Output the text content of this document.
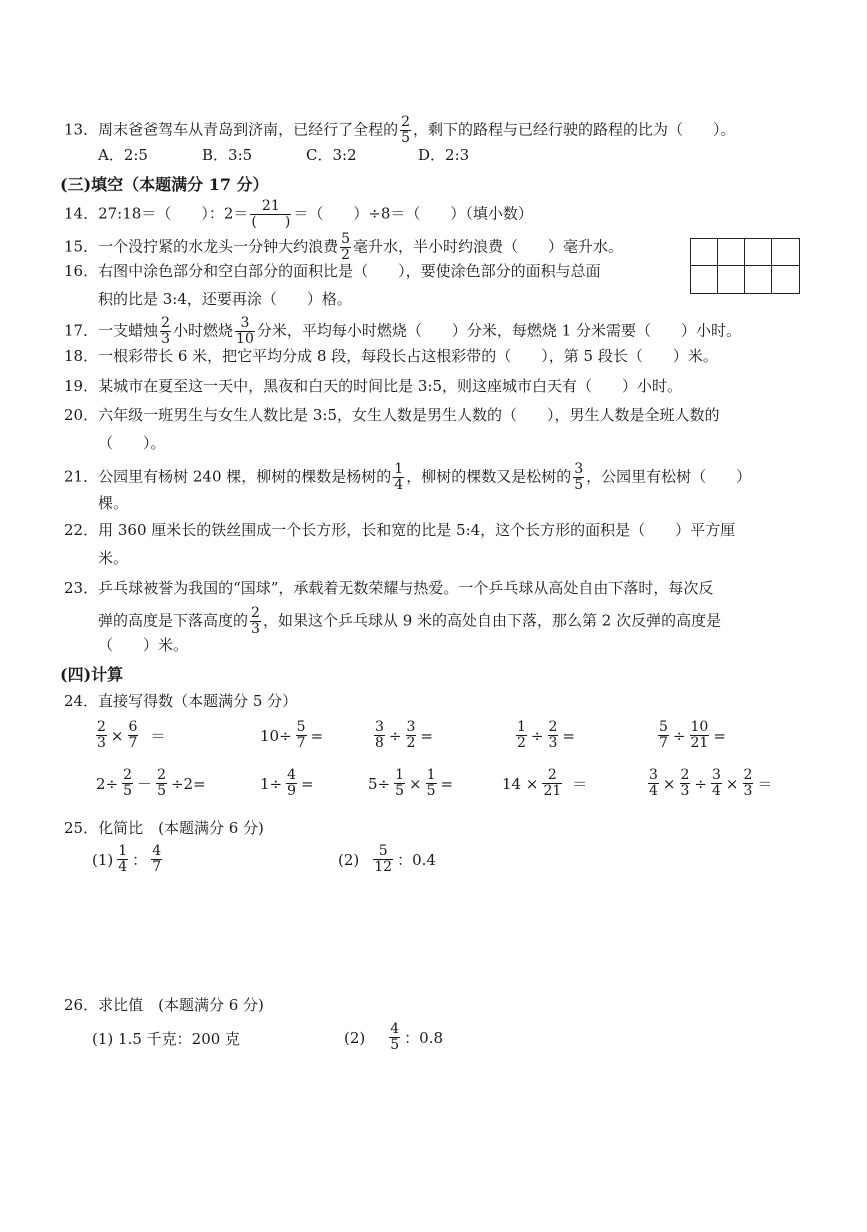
13．周末爸爸驾车从青岛到济南，已经行了全程的 $\frac{2}{5}$ ，剩下的路程与已经行驶的路程的比为（　　）。
A．2:5	B．3:5	C．3:2	D．2:3
(三)填空（本题满分 17 分）
14．27:18＝（　　）：$2= \frac{21}{( )}$ ＝（　　）÷8＝（　　）（填小数）
15．一个没拧紧的水龙头一分钟大约浪费 $\frac{5}{2}$ 毫升水，半小时约浪费（　　）毫升水。
16．右图中涂色部分和空白部分的面积比是（　　），要使涂色部分的面积与总面
积的比是 3:4，还要再涂（　　）格。
17．一支蜡烛 $\frac{2}{3}$ 小时燃烧 $\frac{3}{10}$ 分米，平均每小时燃烧（　　）分米，每燃烧 1 分米需要（　　）小时。
18．一根彩带长 6 米，把它平均分成 8 段，每段长占这根彩带的（　　），第 5 段长（　　）米。
19．某城市在夏至这一天中，黑夜和白天的时间比是 3:5，则这座城市白天有（　　）小时。
20．六年级一班男生与女生人数比是 3:5，女生人数是男生人数的（　　），男生人数是全班人数的
（　　）。
21．公园里有杨树 240 棵，柳树的棵数是杨树的 $\frac{1}{4}$ ，柳树的棵数又是松树的 $\frac{3}{5}$ ，公园里有松树（　　）
棵。
22．用 360 厘米长的铁丝围成一个长方形，长和宽的比是 5:4，这个长方形的面积是（　　）平方厘
米。
23．乒乓球被誉为我国的“国球”，承载着无数荣耀与热爱。一个乒乓球从高处自由下落时，每次反
弹的高度是下落高度的 $\frac{2}{3}$ ，如果这个乒乓球从 9 米的高处自由下落，那么第 2 次反弹的高度是
（　　）米。
(四)计算
24．直接写得数（本题满分 5 分）
$\frac{2}{3} \times \frac{6}{7}$ ＝	$10\div \frac{5}{7}$ =	$\frac{3}{8} \div \frac{3}{2}$ =	$\frac{1}{2} \div \frac{2}{3}$ =	$\frac{5}{7} \div \frac{10}{21}$ =
$2\div \frac{2}{5} - \frac{2}{5} \div 2=$	$1\div \frac{4}{9}$ =	$5\div \frac{1}{5} \times \frac{1}{5}$ =	$14 \times \frac{2}{21}$ ＝	$\frac{3}{4} \times \frac{2}{3} \div \frac{3}{4} \times \frac{2}{3}$ ＝
25．化简比　(本题满分 6 分)
$(1) \frac{1}{4}$ ： $\frac{4}{7}$	$(2) \frac{5}{12}$ ：0.4
26．求比值　(本题满分 6 分)
(1) 1.5 千克：200 克	$(2) \frac{4}{5}$ ：0.8
